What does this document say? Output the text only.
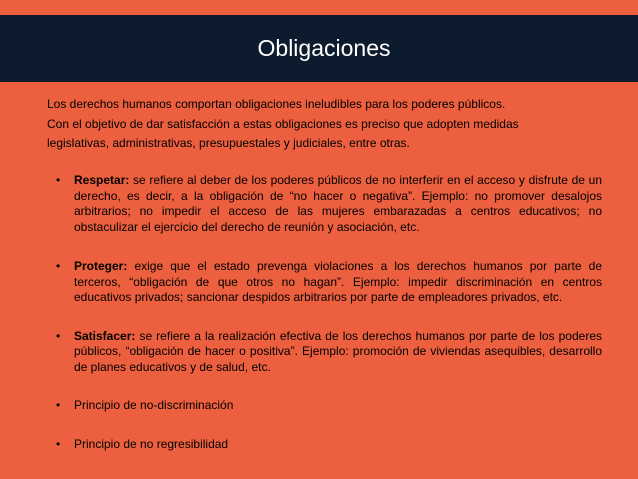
Obligaciones

Los derechos humanos comportan obligaciones ineludibles para los poderes públicos.

Con el objetivo de dar satisfacción a estas obligaciones es preciso que adopten medidas

legislativas, administrativas, presupuestales y judiciales, entre otras.

• Respetar: se refiere al deber de los poderes públicos de no interferir en el acceso y disfrute de un derecho, es decir, a la obligación de “no hacer o negativa”. Ejemplo: no promover desalojos arbitrarios; no impedir el acceso de las mujeres embarazadas a centros educativos; no obstaculizar el ejercicio del derecho de reunión y asociación, etc.
• Proteger: exige que el estado prevenga violaciones a los derechos humanos por parte de terceros, “obligación de que otros no hagan”. Ejemplo: impedir discriminación en centros educativos privados; sancionar despidos arbitrarios por parte de empleadores privados, etc.
• Satisfacer: se refiere a la realización efectiva de los derechos humanos por parte de los poderes públicos, “obligación de hacer o positiva”. Ejemplo: promoción de viviendas asequibles, desarrollo de planes educativos y de salud, etc.
• Principio de no-discriminación
• Principio de no regresibilidad
